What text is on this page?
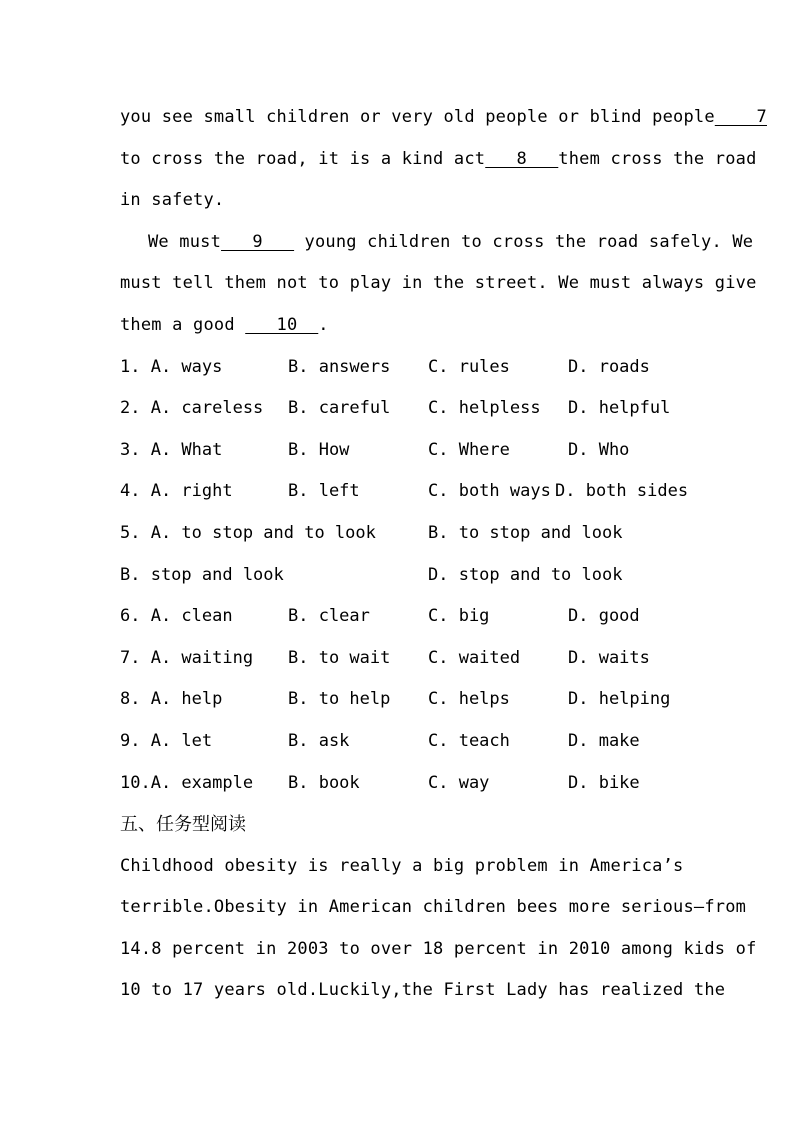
you see small children or very old people or blind people    7
to cross the road, it is a kind act   8   them cross the road
in safety.
We must   9    young children to cross the road safely. We
must tell them not to play in the street. We must always give
them a good    10  .
1. A. ways	B. answers C. rules	D. roads
2. A. careless B. careful C. helpless D. helpful
3. A. What	B. How	C. Where	D. Who
4. A. right	B. left	C. both ways D. both sides
5. A. to stop and to look	B. to stop and look
B. stop and look	D. stop and to look
6. A. clean	B. clear	C. big	D. good
7. A. waiting B. to wait C. waited	D. waits
8. A. help	B. to help C. helps	D. helping
9. A. let	B. ask	C. teach	D. make
10.A. example B. book	C. way	D. bike
五、任务型阅读
Childhood obesity is really a big problem in America’s
terrible.Obesity in American children bees more serious—from
14.8 percent in 2003 to over 18 percent in 2010 among kids of
10 to 17 years old.Luckily,the First Lady has realized the
